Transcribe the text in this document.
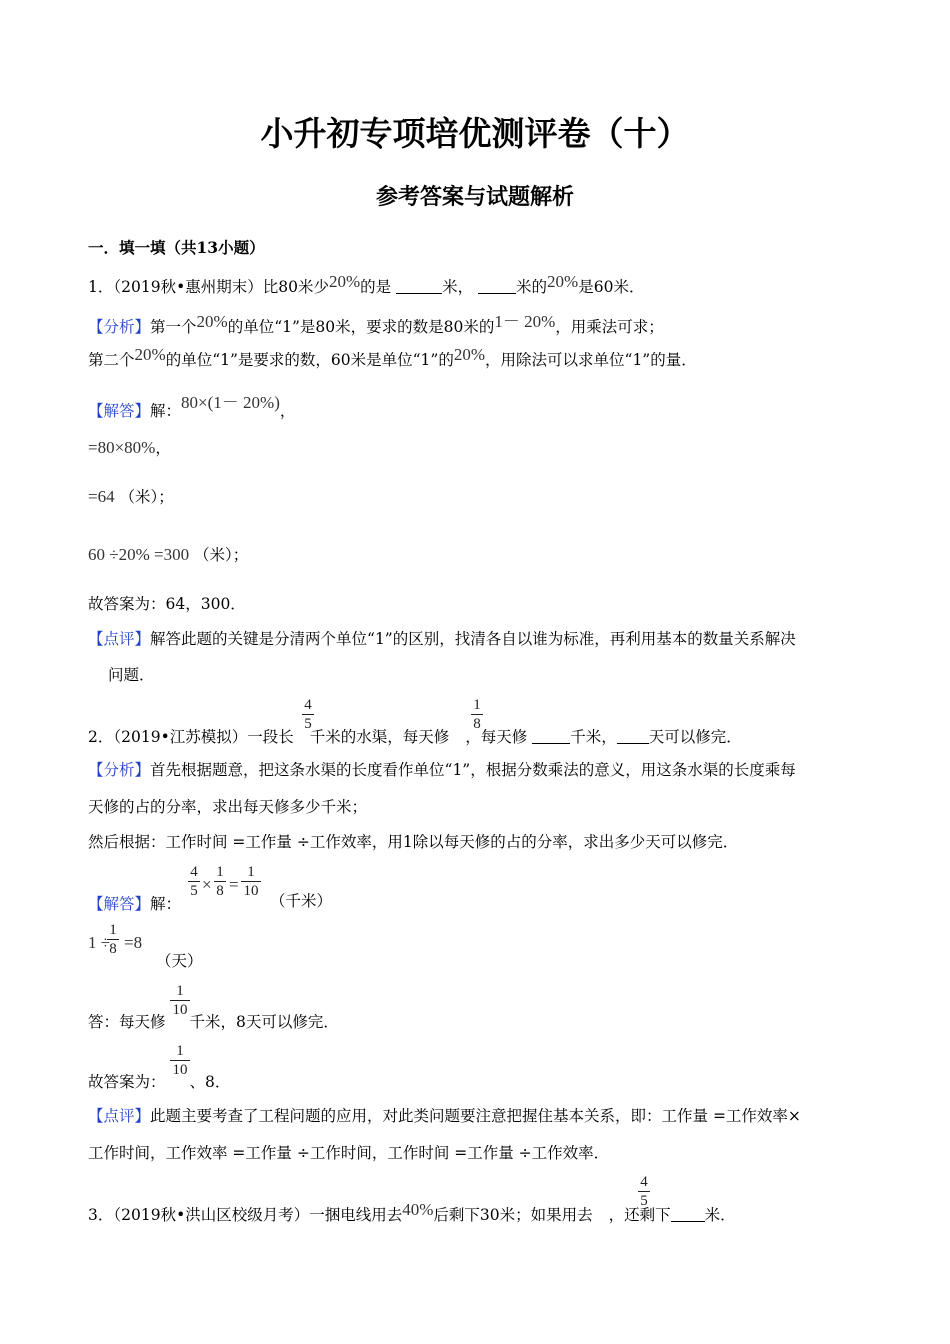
小升初专项培优测评卷（十）
参考答案与试题解析
一．填一填（共13小题）
1．（2019秋•惠州期末）比80米少20%的是	米，	米的20%是60米．
【分析】第一个20%的单位“1”是80米，要求的数是80米的1－ 20%，用乘法可求；
第二个20%的单位“1”是要求的数，60米是单位“1”的20%，用除法可以求单位“1”的量．
【解答】解：80×(1－ 20%)，
=80×80%，
=64 （米）；
60 ÷20% =300 （米）；
故答案为：64，300．
【点评】解答此题的关键是分清两个单位“1”的区别，找清各自以谁为标准，再利用基本的数量关系解决
问题．
2．（2019•江苏模拟）一段长 千米的水渠，每天修 ，每天修	千米， 天可以修完．
4
5
1
8
【分析】首先根据题意，把这条水渠的长度看作单位“1”，根据分数乘法的意义，用这条水渠的长度乘每
天修的占的分率，求出每天修多少千米；
然后根据：工作时间 =工作量 ÷工作效率，用1除以每天修的占的分率，求出多少天可以修完．
【解答】解：
4
5 ×
1
8 =
1
10
（千米）
1 ÷
1
8 =8
（天）
答：每天修 千米，8天可以修完．
1
10
故答案为： 、8．
1
10
【点评】此题主要考查了工程问题的应用，对此类问题要注意把握住基本关系，即：工作量 =工作效率×
工作时间，工作效率 =工作量 ÷工作时间，工作时间 =工作量 ÷工作效率．
3．（2019秋•洪山区校级月考）一捆电线用去40%后剩下30米；如果用去 ，还剩下 米．
4
5
